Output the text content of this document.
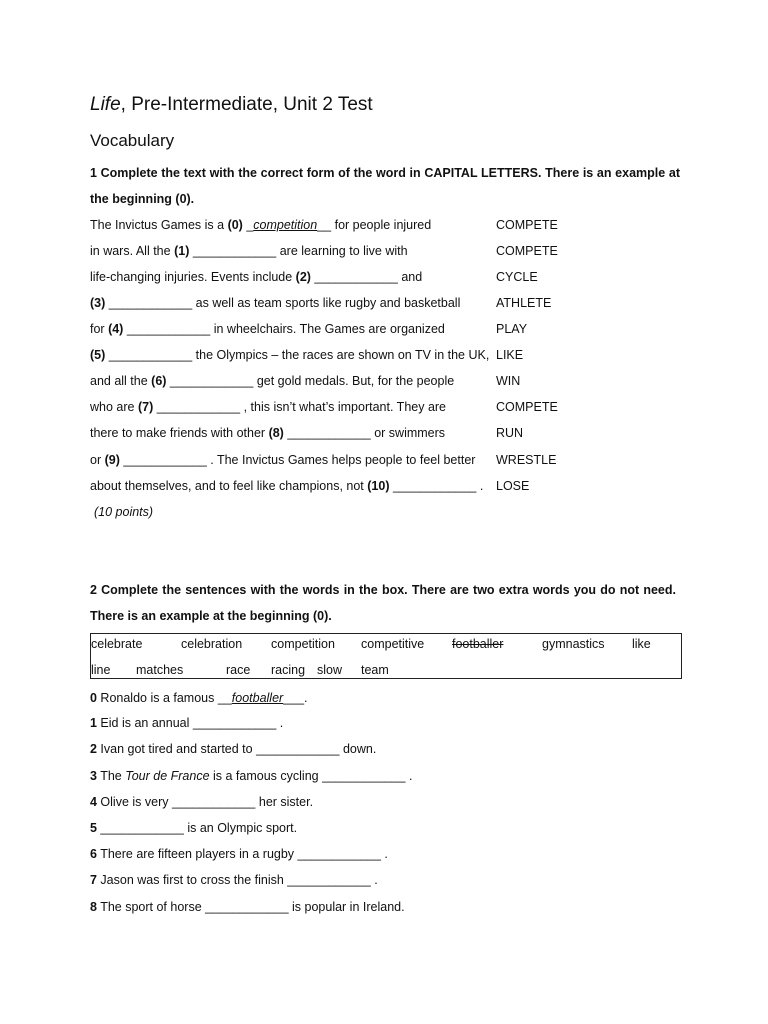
Life, Pre-Intermediate, Unit 2 Test
Vocabulary
1 Complete the text with the correct form of the word in CAPITAL LETTERS. There is an example at the beginning (0).
The Invictus Games is a (0) _competition__ for people injured	COMPETE
in wars. All the (1) ____________ are learning to live with	COMPETE
life-changing injuries. Events include (2) ____________ and	CYCLE
(3) ____________ as well as team sports like rugby and basketball	ATHLETE
for (4) ____________ in wheelchairs. The Games are organized	PLAY
(5) ____________ the Olympics – the races are shown on TV in the UK, LIKE
and all the (6) ____________ get gold medals. But, for the people	WIN
who are (7) ____________ , this isn’t what’s important. They are	COMPETE
there to make friends with other (8) ____________ or swimmers	RUN
or (9) ____________ . The Invictus Games helps people to feel better WRESTLE
about themselves, and to feel like champions, not (10) ____________ . LOSE
(10 points)
2 Complete the sentences with the words in the box. There are two extra words you do not need. There is an example at the beginning (0).
celebrate	celebration competition competitive footballer	gymnastics like
line matches	race racing slow team
0 Ronaldo is a famous __footballer___.
1 Eid is an annual ____________ .
2 Ivan got tired and started to ____________ down.
3 The Tour de France is a famous cycling ____________ .
4 Olive is very ____________ her sister.
5 ____________ is an Olympic sport.
6 There are fifteen players in a rugby ____________ .
7 Jason was first to cross the finish ____________ .
8 The sport of horse ____________ is popular in Ireland.
